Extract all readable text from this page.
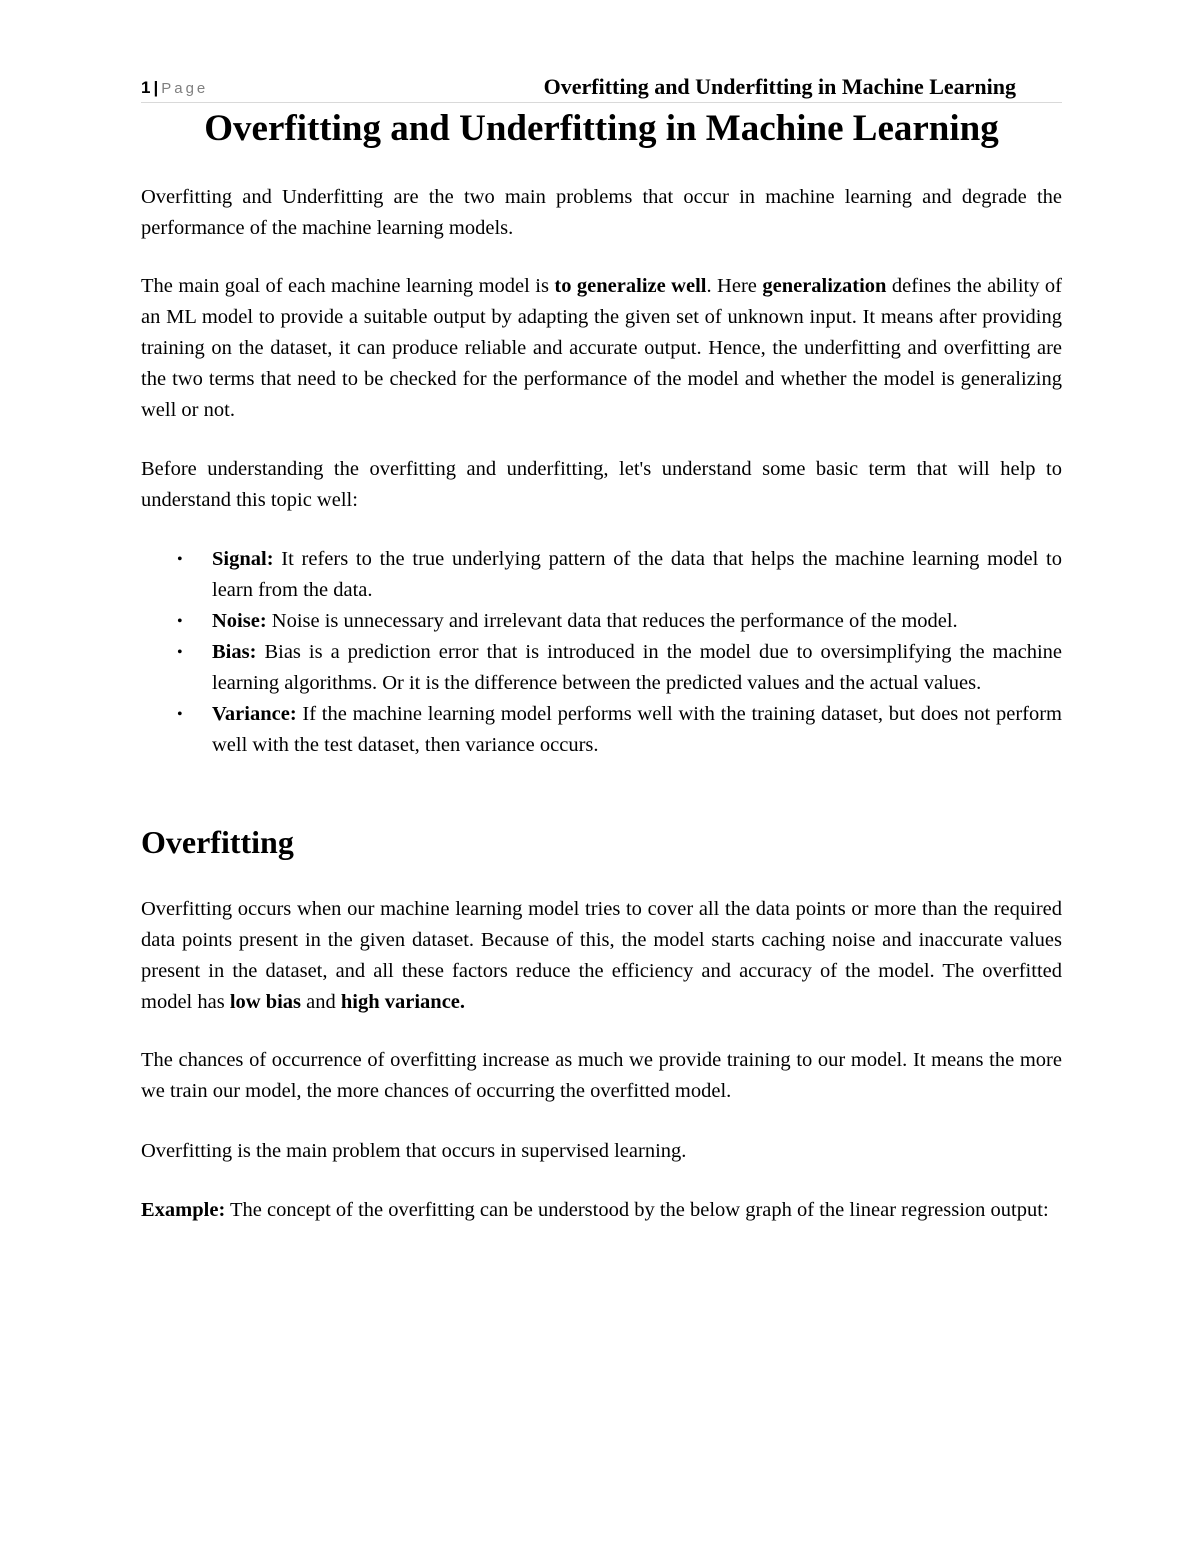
1 | Page	Overfitting and Underfitting in Machine Learning
Overfitting and Underfitting in Machine Learning

Overfitting and Underfitting are the two main problems that occur in machine learning and degrade the performance of the machine learning models.

The main goal of each machine learning model is to generalize well. Here generalization defines the ability of an ML model to provide a suitable output by adapting the given set of unknown input. It means after providing training on the dataset, it can produce reliable and accurate output. Hence, the underfitting and overfitting are the two terms that need to be checked for the performance of the model and whether the model is generalizing well or not.

Before understanding the overfitting and underfitting, let's understand some basic term that will help to understand this topic well:

• Signal: It refers to the true underlying pattern of the data that helps the machine learning model to learn from the data.
• Noise: Noise is unnecessary and irrelevant data that reduces the performance of the model.
• Bias: Bias is a prediction error that is introduced in the model due to oversimplifying the machine learning algorithms. Or it is the difference between the predicted values and the actual values.
• Variance: If the machine learning model performs well with the training dataset, but does not perform well with the test dataset, then variance occurs.
Overfitting

Overfitting occurs when our machine learning model tries to cover all the data points or more than the required data points present in the given dataset. Because of this, the model starts caching noise and inaccurate values present in the dataset, and all these factors reduce the efficiency and accuracy of the model. The overfitted model has low bias and high variance.

The chances of occurrence of overfitting increase as much we provide training to our model. It means the more we train our model, the more chances of occurring the overfitted model.

Overfitting is the main problem that occurs in supervised learning.

Example: The concept of the overfitting can be understood by the below graph of the linear regression output:
